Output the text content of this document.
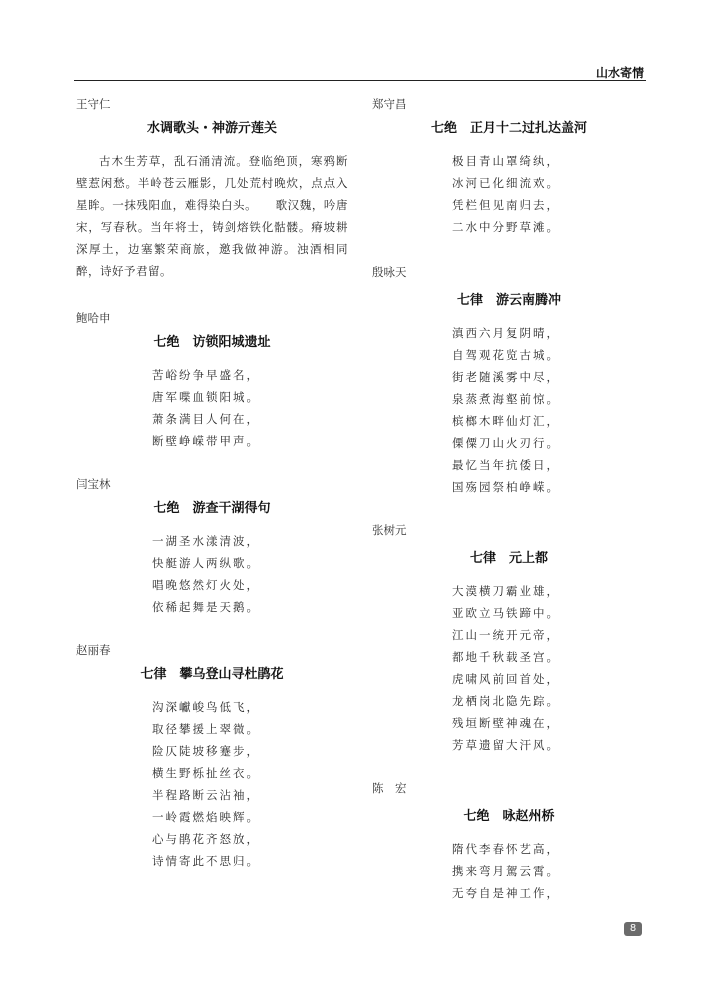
山水寄情
王守仁
水调歌头・神游亓莲关

古木生芳草，乱石涌清流。登临绝顶，寒鸦断壁惹闲愁。半岭苍云雁影，几处荒村晚炊，点点入星眸。一抹残阳血，难得染白头。　　歌汉魏，吟唐宋，写春秋。当年将士，铸剑熔铁化骷髅。瘠坡耕深厚土，边塞繁荣商旅，邀我做神游。浊酒相同醉，诗好予君留。

鲍哈申
七绝　访锁阳城遗址
苦峪纷争早盛名，
唐军喋血锁阳城。
萧条满目人何在，
断壁峥嵘带甲声。
闫宝林
七绝　游查干湖得句
一湖圣水漾清波，
快艇游人两纵歌。
唱晚悠然灯火处，
依稀起舞是天鹅。
赵丽春
七律　攀乌登山寻杜鹃花
沟深巘峻鸟低飞，
取径攀援上翠微。
险仄陡坡移蹇步，
横生野栎扯丝衣。
半程路断云沾袖，
一岭霞燃焰映辉。
心与鹃花齐怒放，
诗情寄此不思归。
郑守昌
七绝　正月十二过扎达盖河
极目青山罩绮纨，
冰河已化细流欢。
凭栏但见南归去，
二水中分野草滩。
殷咏天
七律　游云南腾冲
滇西六月复阴晴，
自驾观花览古城。
街老随溪雾中尽，
泉蒸煮海壑前惊。
槟榔木畔仙灯汇，
傈僳刀山火刃行。
最忆当年抗倭日，
国殇园祭柏峥嵘。
张树元
七律　元上都
大漠横刀霸业雄，
亚欧立马铁蹄中。
江山一统开元帝，
都地千秋载圣宫。
虎啸风前回首处，
龙栖岗北隐先踪。
残垣断壁神魂在，
芳草遗留大汗风。
陈　宏
七绝　咏赵州桥
隋代李春怀艺高，
携来弯月駕云霄。
无夸自是神工作，
8
